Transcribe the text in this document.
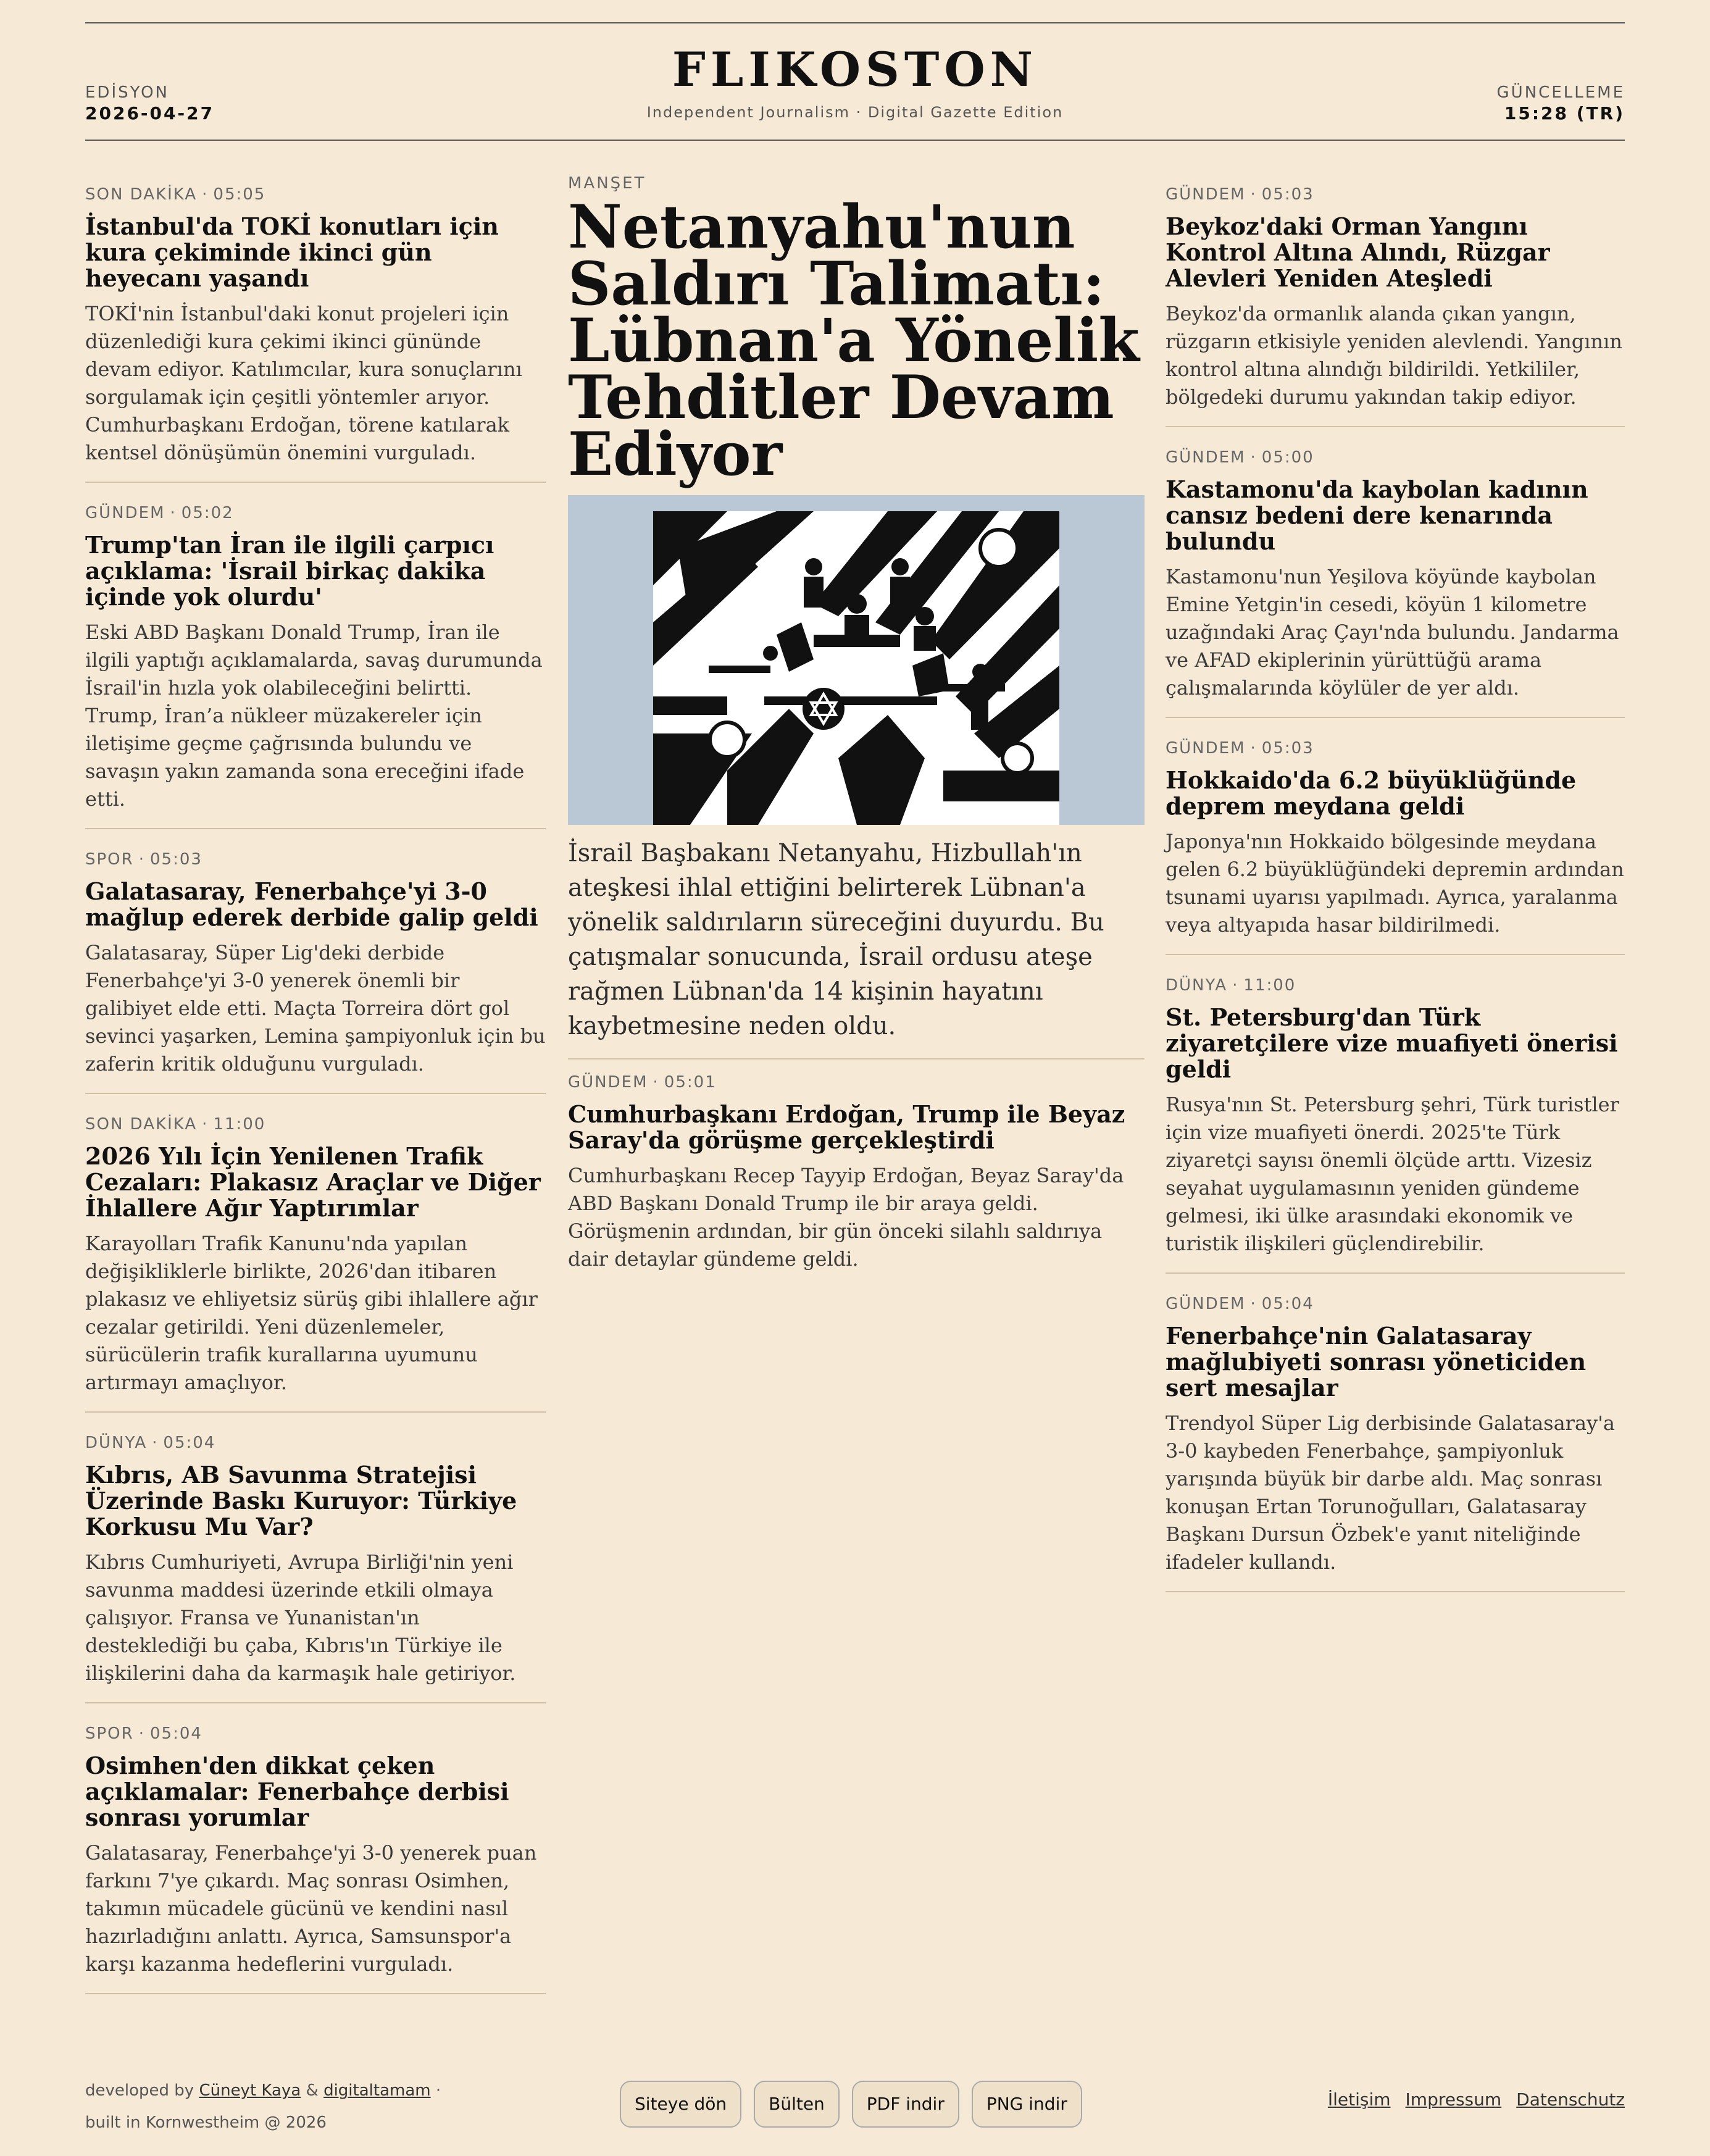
EDİSYON
2026-04-27
FLIKOSTON
Independent Journalism · Digital Gazette Edition
GÜNCELLEME
15:28 (TR)
SON DAKİKA · 05:05
İstanbul'da TOKİ konutları için kura çekiminde ikinci gün heyecanı yaşandı

TOKİ'nin İstanbul'daki konut projeleri için düzenlediği kura çekimi ikinci gününde devam ediyor. Katılımcılar, kura sonuçlarını sorgulamak için çeşitli yöntemler arıyor. Cumhurbaşkanı Erdoğan, törene katılarak kentsel dönüşümün önemini vurguladı.

GÜNDEM · 05:02
Trump'tan İran ile ilgili çarpıcı açıklama: 'İsrail birkaç dakika içinde yok olurdu'

Eski ABD Başkanı Donald Trump, İran ile ilgili yaptığı açıklamalarda, savaş durumunda İsrail'in hızla yok olabileceğini belirtti. Trump, İran’a nükleer müzakereler için iletişime geçme çağrısında bulundu ve savaşın yakın zamanda sona ereceğini ifade etti.

SPOR · 05:03
Galatasaray, Fenerbahçe'yi 3-0 mağlup ederek derbide galip geldi

Galatasaray, Süper Lig'deki derbide Fenerbahçe'yi 3-0 yenerek önemli bir galibiyet elde etti. Maçta Torreira dört gol sevinci yaşarken, Lemina şampiyonluk için bu zaferin kritik olduğunu vurguladı.

SON DAKİKA · 11:00
2026 Yılı İçin Yenilenen Trafik Cezaları: Plakasız Araçlar ve Diğer İhlallere Ağır Yaptırımlar

Karayolları Trafik Kanunu'nda yapılan değişikliklerle birlikte, 2026'dan itibaren plakasız ve ehliyetsiz sürüş gibi ihlallere ağır cezalar getirildi. Yeni düzenlemeler, sürücülerin trafik kurallarına uyumunu artırmayı amaçlıyor.

DÜNYA · 05:04
Kıbrıs, AB Savunma Stratejisi Üzerinde Baskı Kuruyor: Türkiye Korkusu Mu Var?

Kıbrıs Cumhuriyeti, Avrupa Birliği'nin yeni savunma maddesi üzerinde etkili olmaya çalışıyor. Fransa ve Yunanistan'ın desteklediği bu çaba, Kıbrıs'ın Türkiye ile ilişkilerini daha da karmaşık hale getiriyor.

SPOR · 05:04
Osimhen'den dikkat çeken açıklamalar: Fenerbahçe derbisi sonrası yorumlar

Galatasaray, Fenerbahçe'yi 3-0 yenerek puan farkını 7'ye çıkardı. Maç sonrası Osimhen, takımın mücadele gücünü ve kendini nasıl hazırladığını anlattı. Ayrıca, Samsunspor'a karşı kazanma hedeflerini vurguladı.

MANŞET
Netanyahu'nun Saldırı Talimatı: Lübnan'a Yönelik Tehditler Devam Ediyor

İsrail Başbakanı Netanyahu, Hizbullah'ın ateşkesi ihlal ettiğini belirterek Lübnan'a yönelik saldırıların süreceğini duyurdu. Bu çatışmalar sonucunda, İsrail ordusu ateşe rağmen Lübnan'da 14 kişinin hayatını kaybetmesine neden oldu.

GÜNDEM · 05:01
Cumhurbaşkanı Erdoğan, Trump ile Beyaz Saray'da görüşme gerçekleştirdi

Cumhurbaşkanı Recep Tayyip Erdoğan, Beyaz Saray'da ABD Başkanı Donald Trump ile bir araya geldi. Görüşmenin ardından, bir gün önceki silahlı saldırıya dair detaylar gündeme geldi.

GÜNDEM · 05:03
Beykoz'daki Orman Yangını Kontrol Altına Alındı, Rüzgar Alevleri Yeniden Ateşledi

Beykoz'da ormanlık alanda çıkan yangın, rüzgarın etkisiyle yeniden alevlendi. Yangının kontrol altına alındığı bildirildi. Yetkililer, bölgedeki durumu yakından takip ediyor.

GÜNDEM · 05:00
Kastamonu'da kaybolan kadının cansız bedeni dere kenarında bulundu

Kastamonu'nun Yeşilova köyünde kaybolan Emine Yetgin'in cesedi, köyün 1 kilometre uzağındaki Araç Çayı'nda bulundu. Jandarma ve AFAD ekiplerinin yürüttüğü arama çalışmalarında köylüler de yer aldı.

GÜNDEM · 05:03
Hokkaido'da 6.2 büyüklüğünde deprem meydana geldi

Japonya'nın Hokkaido bölgesinde meydana gelen 6.2 büyüklüğündeki depremin ardından tsunami uyarısı yapılmadı. Ayrıca, yaralanma veya altyapıda hasar bildirilmedi.

DÜNYA · 11:00
St. Petersburg'dan Türk ziyaretçilere vize muafiyeti önerisi geldi

Rusya'nın St. Petersburg şehri, Türk turistler için vize muafiyeti önerdi. 2025'te Türk ziyaretçi sayısı önemli ölçüde arttı. Vizesiz seyahat uygulamasının yeniden gündeme gelmesi, iki ülke arasındaki ekonomik ve turistik ilişkileri güçlendirebilir.

GÜNDEM · 05:04
Fenerbahçe'nin Galatasaray mağlubiyeti sonrası yöneticiden sert mesajlar

Trendyol Süper Lig derbisinde Galatasaray'a 3-0 kaybeden Fenerbahçe, şampiyonluk yarışında büyük bir darbe aldı. Maç sonrası konuşan Ertan Torunoğulları, Galatasaray Başkanı Dursun Özbek'e yanıt niteliğinde ifadeler kullandı.

developed by Cüneyt Kaya & digitaltamam ·
built in Kornwestheim @ 2026
Siteye dön	Bülten	PDF indir	PNG indir	İletişim Impressum Datenschutz
